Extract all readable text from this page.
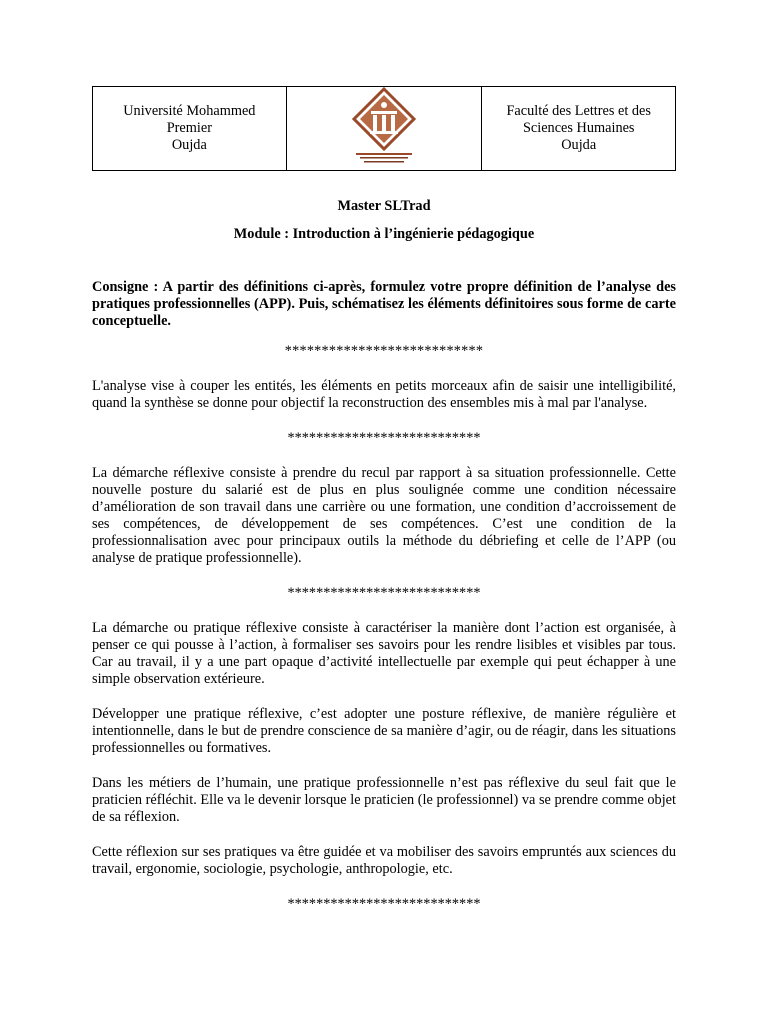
Université Mohammed
Premier
Oujda

Faculté des Lettres et des
Sciences Humaines
Oujda
Master SLTrad
Module : Introduction à l’ingénierie pédagogique
Consigne : A partir des définitions ci-après, formulez votre propre définition de l’analyse des pratiques professionnelles (APP). Puis, schématisez les éléments définitoires sous forme de carte conceptuelle.
***************************
L'analyse vise à couper les entités, les éléments en petits morceaux afin de saisir une intelligibilité, quand la synthèse se donne pour objectif la reconstruction des ensembles mis à mal par l'analyse.
***************************
La démarche réflexive consiste à prendre du recul par rapport à sa situation professionnelle. Cette nouvelle posture du salarié est de plus en plus soulignée comme une condition nécessaire d’amélioration de son travail dans une carrière ou une formation, une condition d’accroissement de ses compétences, de développement de ses compétences. C’est une condition de la professionnalisation avec pour principaux outils la méthode du débriefing et celle de l’APP (ou analyse de pratique professionnelle).
***************************
La démarche ou pratique réflexive consiste à caractériser la manière dont l’action est organisée, à penser ce qui pousse à l’action, à formaliser ses savoirs pour les rendre lisibles et visibles par tous. Car au travail, il y a une part opaque d’activité intellectuelle par exemple qui peut échapper à une simple observation extérieure.
Développer une pratique réflexive, c’est adopter une posture réflexive, de manière régulière et intentionnelle, dans le but de prendre conscience de sa manière d’agir, ou de réagir, dans les situations professionnelles ou formatives.
Dans les métiers de l’humain, une pratique professionnelle n’est pas réflexive du seul fait que le praticien réfléchit. Elle va le devenir lorsque le praticien (le professionnel) va se prendre comme objet de sa réflexion.
Cette réflexion sur ses pratiques va être guidée et va mobiliser des savoirs empruntés aux sciences du travail, ergonomie, sociologie, psychologie, anthropologie, etc.
***************************
